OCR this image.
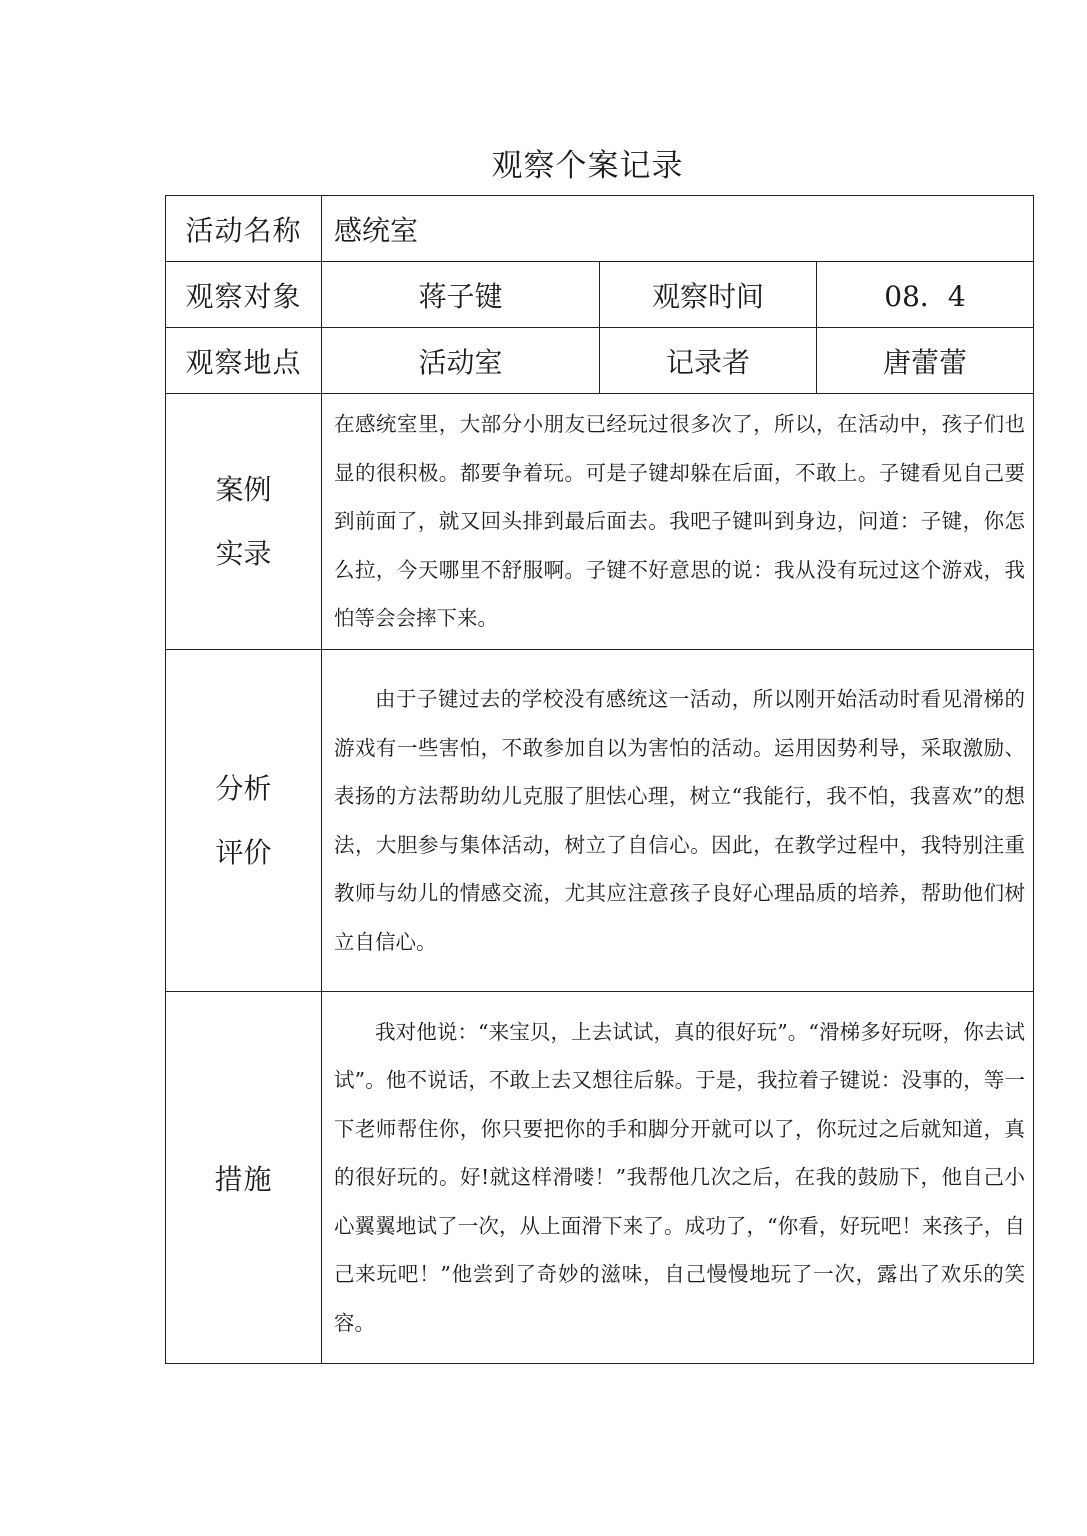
观察个案记录
活动名称	感统室		
观察对象	蒋子键	观察时间	08．4
观察地点	活动室	记录者	唐蕾蕾

案例
实录	在感统室里，大部分小朋友已经玩过很多次了，所以，在活动中，孩子们也显的很积极。都要争着玩。可是子键却躲在后面，不敢上。子键看见自己要到前面了，就又回头排到最后面去。我吧子键叫到身边，问道：子键，你怎么拉，今天哪里不舒服啊。子键不好意思的说：我从没有玩过这个游戏，我怕等会会摔下来。		

分析
评价	由于子键过去的学校没有感统这一活动，所以刚开始活动时看见滑梯的游戏有一些害怕，不敢参加自以为害怕的活动。运用因势利导，采取激励、表扬的方法帮助幼儿克服了胆怯心理，树立“我能行，我不怕，我喜欢”的想法，大胆参与集体活动，树立了自信心。因此，在教学过程中，我特别注重教师与幼儿的情感交流，尤其应注意孩子良好心理品质的培养，帮助他们树立自信心。		

措施	我对他说：“来宝贝，上去试试，真的很好玩”。“滑梯多好玩呀，你去试试”。他不说话，不敢上去又想往后躲。于是，我拉着子键说：没事的，等一下老师帮住你，你只要把你的手和脚分开就可以了，你玩过之后就知道，真的很好玩的。好!就这样滑喽！”我帮他几次之后，在我的鼓励下，他自己小心翼翼地试了一次，从上面滑下来了。成功了，“你看，好玩吧！来孩子，自己来玩吧！”他尝到了奇妙的滋味，自己慢慢地玩了一次，露出了欢乐的笑容。		
